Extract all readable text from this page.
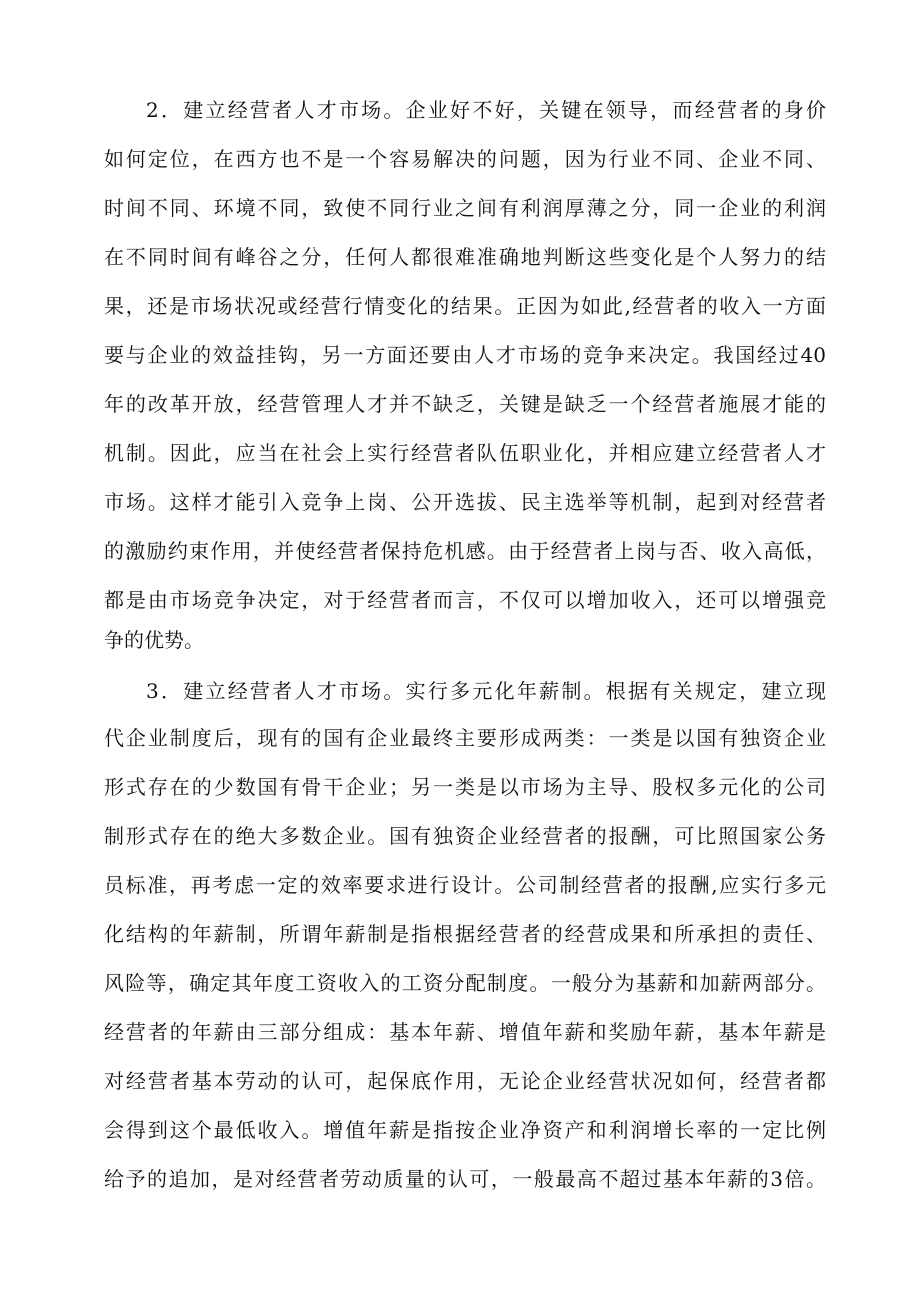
2．建立经营者人才市场。企业好不好，关键在领导，而经营者的身价
如何定位，在西方也不是一个容易解决的问题，因为行业不同、企业不同、
时间不同、环境不同，致使不同行业之间有利润厚薄之分，同一企业的利润
在不同时间有峰谷之分，任何人都很难准确地判断这些变化是个人努力的结
果，还是市场状况或经营行情变化的结果。正因为如此,经营者的收入一方面
要与企业的效益挂钩，另一方面还要由人才市场的竞争来决定。我国经过40
年的改革开放，经营管理人才并不缺乏，关键是缺乏一个经营者施展才能的
机制。因此，应当在社会上实行经营者队伍职业化，并相应建立经营者人才
市场。这样才能引入竞争上岗、公开选拔、民主选举等机制，起到对经营者
的激励约束作用，并使经营者保持危机感。由于经营者上岗与否、收入高低，
都是由市场竞争决定，对于经营者而言，不仅可以增加收入，还可以增强竞
争的优势。
3．建立经营者人才市场。实行多元化年薪制。根据有关规定，建立现
代企业制度后，现有的国有企业最终主要形成两类：一类是以国有独资企业
形式存在的少数国有骨干企业；另一类是以市场为主导、股权多元化的公司
制形式存在的绝大多数企业。国有独资企业经营者的报酬，可比照国家公务
员标准，再考虑一定的效率要求进行设计。公司制经营者的报酬,应实行多元
化结构的年薪制，所谓年薪制是指根据经营者的经营成果和所承担的责任、
风险等，确定其年度工资收入的工资分配制度。一般分为基薪和加薪两部分。
经营者的年薪由三部分组成：基本年薪、增值年薪和奖励年薪，基本年薪是
对经营者基本劳动的认可，起保底作用，无论企业经营状况如何，经营者都
会得到这个最低收入。增值年薪是指按企业净资产和利润增长率的一定比例
给予的追加，是对经营者劳动质量的认可，一般最高不超过基本年薪的3倍。
